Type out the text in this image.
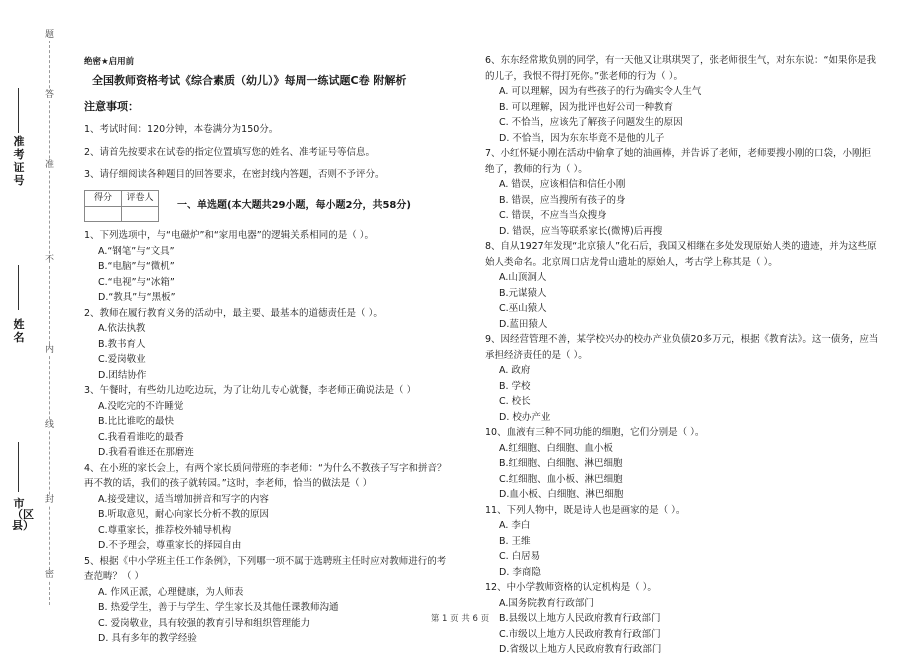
题
答
准
不
内
线
封
密
准考证号
姓名
市（区县）
绝密★启用前
全国教师资格考试《综合素质（幼儿）》每周一练试题C卷 附解析
注意事项：
1、考试时间：120分钟，本卷满分为150分。
2、请首先按要求在试卷的指定位置填写您的姓名、准考证号等信息。
3、请仔细阅读各种题目的回答要求，在密封线内答题，否则不予评分。
得分	评卷人

一、单选题(本大题共29小题，每小题2分，共58分)
1、下列选项中，与“电磁炉”和“家用电器”的逻辑关系相同的是（ ）。
A.“钢笔”与“文具”
B.“电脑”与“微机”
C.“电视”与“冰箱”
D.“教具”与“黑板”
2、教师在履行教育义务的活动中，最主要、最基本的道德责任是（ ）。
A.依法执教
B.教书育人
C.爱岗敬业
D.团结协作
3、午餐时，有些幼儿边吃边玩，为了让幼儿专心就餐，李老师正确说法是（ ）
A.没吃完的不许睡觉
B.比比谁吃的最快
C.我看看谁吃的最香
D.我看看谁还在那磨连
4、在小班的家长会上，有两个家长质问带班的李老师：“为什么不教孩子写字和拼音？再不教的话，我们的孩子就转园。”这时，李老师，恰当的做法是（ ）
A.接受建议，适当增加拼音和写字的内容
B.听取意见，耐心向家长分析不教的原因
C.尊重家长，推荐校外辅导机构
D.不予理会，尊重家长的择园自由
5、根据《中小学班主任工作条例》，下列哪一项不属于选聘班主任时应对教师进行的考查范畴？（ ）
A. 作风正派，心理健康，为人师表
B. 热爱学生，善于与学生、学生家长及其他任课教师沟通
C. 爱岗敬业，具有较强的教育引导和组织管理能力
D. 具有多年的教学经验
6、东东经常欺负别的同学，有一天他又让琪琪哭了，张老师很生气，对东东说：“如果你是我的儿子，我恨不得打死你。”张老师的行为（ ）。
A. 可以理解，因为有些孩子的行为确实令人生气
B. 可以理解，因为批评也好公司一种教育
C. 不恰当，应该先了解孩子问题发生的原因
D. 不恰当，因为东东毕竟不是他的儿子
7、小红怀疑小刚在活动中偷拿了她的油画棒，并告诉了老师，老师要搜小刚的口袋，小刚拒绝了，教师的行为（ ）。
A. 错误，应该相信和信任小刚
B. 错误，应当搜所有孩子的身
C. 错误，不应当当众搜身
D. 错误，应当等联系家长(微博)后再搜
8、自从1927年发现“北京猿人”化石后，我国又相继在多处发现原始人类的遗迹，并为这些原始人类命名。北京周口店龙骨山遗址的原始人，考古学上称其是（ ）。
A.山顶洞人
B.元谋猿人
C.巫山猿人
D.蓝田猿人
9、因经营管理不善，某学校兴办的校办产业负债20多万元，根据《教育法》。这一债务，应当承担经济责任的是（ ）。
A. 政府
B. 学校
C. 校长
D. 校办产业
10、血液有三种不同功能的细胞，它们分别是（ ）。
A.红细胞、白细胞、血小板
B.红细胞、白细胞、淋巴细胞
C.红细胞、血小板、淋巴细胞
D.血小板、白细胞、淋巴细胞
11、下列人物中，既是诗人也是画家的是（ ）。
A. 李白
B. 王维
C. 白居易
D. 李商隐
12、中小学教师资格的认定机构是（ ）。
A.国务院教育行政部门
B.县级以上地方人民政府教育行政部门
C.市级以上地方人民政府教育行政部门
D.省级以上地方人民政府教育行政部门
第 1 页 共 6 页
